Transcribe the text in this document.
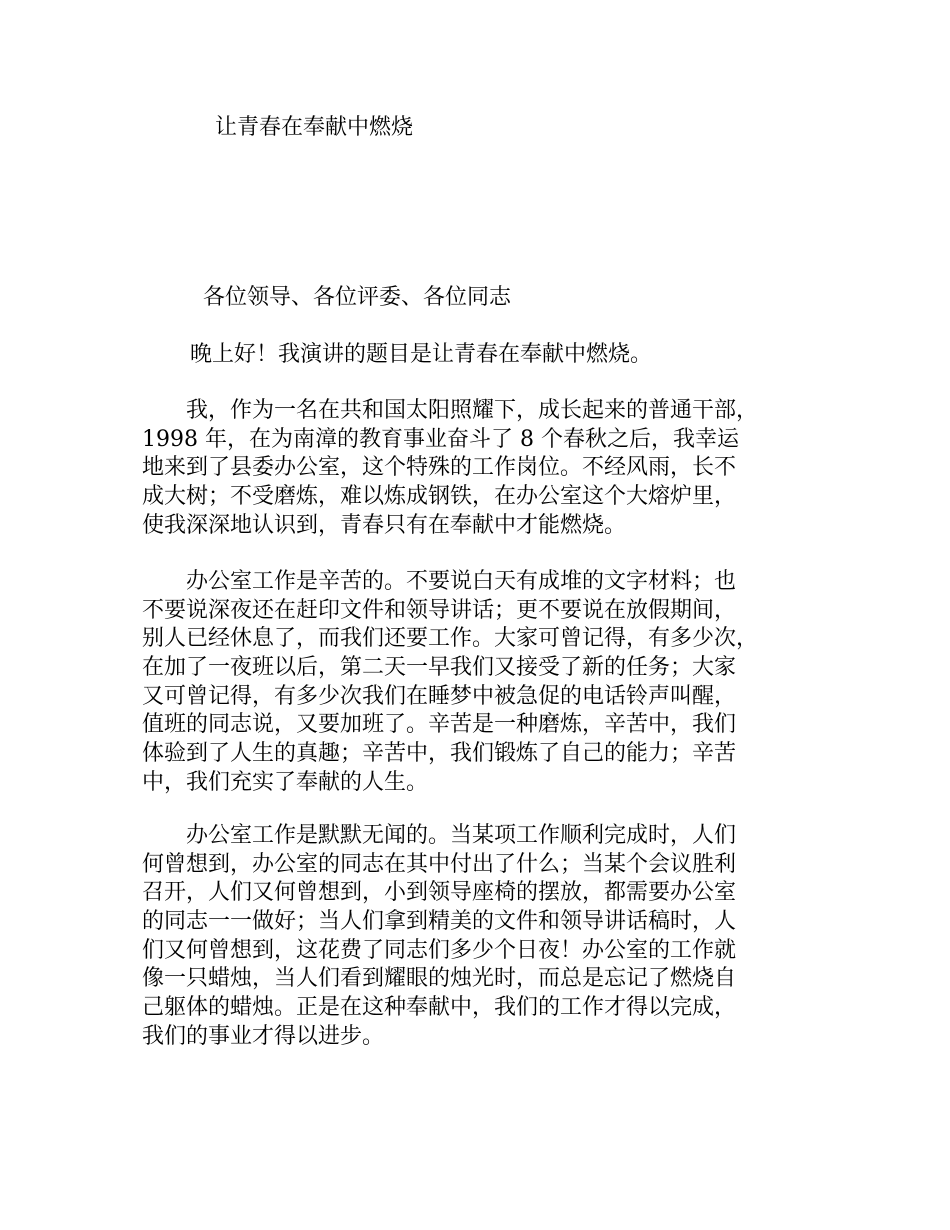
让青春在奉献中燃烧
各位领导、各位评委、各位同志
晚上好！我演讲的题目是让青春在奉献中燃烧。
　　我，作为一名在共和国太阳照耀下，成长起来的普通干部，
1998 年，在为南漳的教育事业奋斗了 8 个春秋之后，我幸运
地来到了县委办公室，这个特殊的工作岗位。不经风雨，长不
成大树；不受磨炼，难以炼成钢铁，在办公室这个大熔炉里，
使我深深地认识到，青春只有在奉献中才能燃烧。
　　办公室工作是辛苦的。不要说白天有成堆的文字材料；也
不要说深夜还在赶印文件和领导讲话；更不要说在放假期间，
别人已经休息了，而我们还要工作。大家可曾记得，有多少次，
在加了一夜班以后，第二天一早我们又接受了新的任务；大家
又可曾记得，有多少次我们在睡梦中被急促的电话铃声叫醒，
值班的同志说，又要加班了。辛苦是一种磨炼，辛苦中，我们
体验到了人生的真趣；辛苦中，我们锻炼了自己的能力；辛苦
中，我们充实了奉献的人生。
　　办公室工作是默默无闻的。当某项工作顺利完成时，人们
何曾想到，办公室的同志在其中付出了什么；当某个会议胜利
召开，人们又何曾想到，小到领导座椅的摆放，都需要办公室
的同志一一做好；当人们拿到精美的文件和领导讲话稿时，人
们又何曾想到，这花费了同志们多少个日夜！办公室的工作就
像一只蜡烛，当人们看到耀眼的烛光时，而总是忘记了燃烧自
己躯体的蜡烛。正是在这种奉献中，我们的工作才得以完成，
我们的事业才得以进步。
